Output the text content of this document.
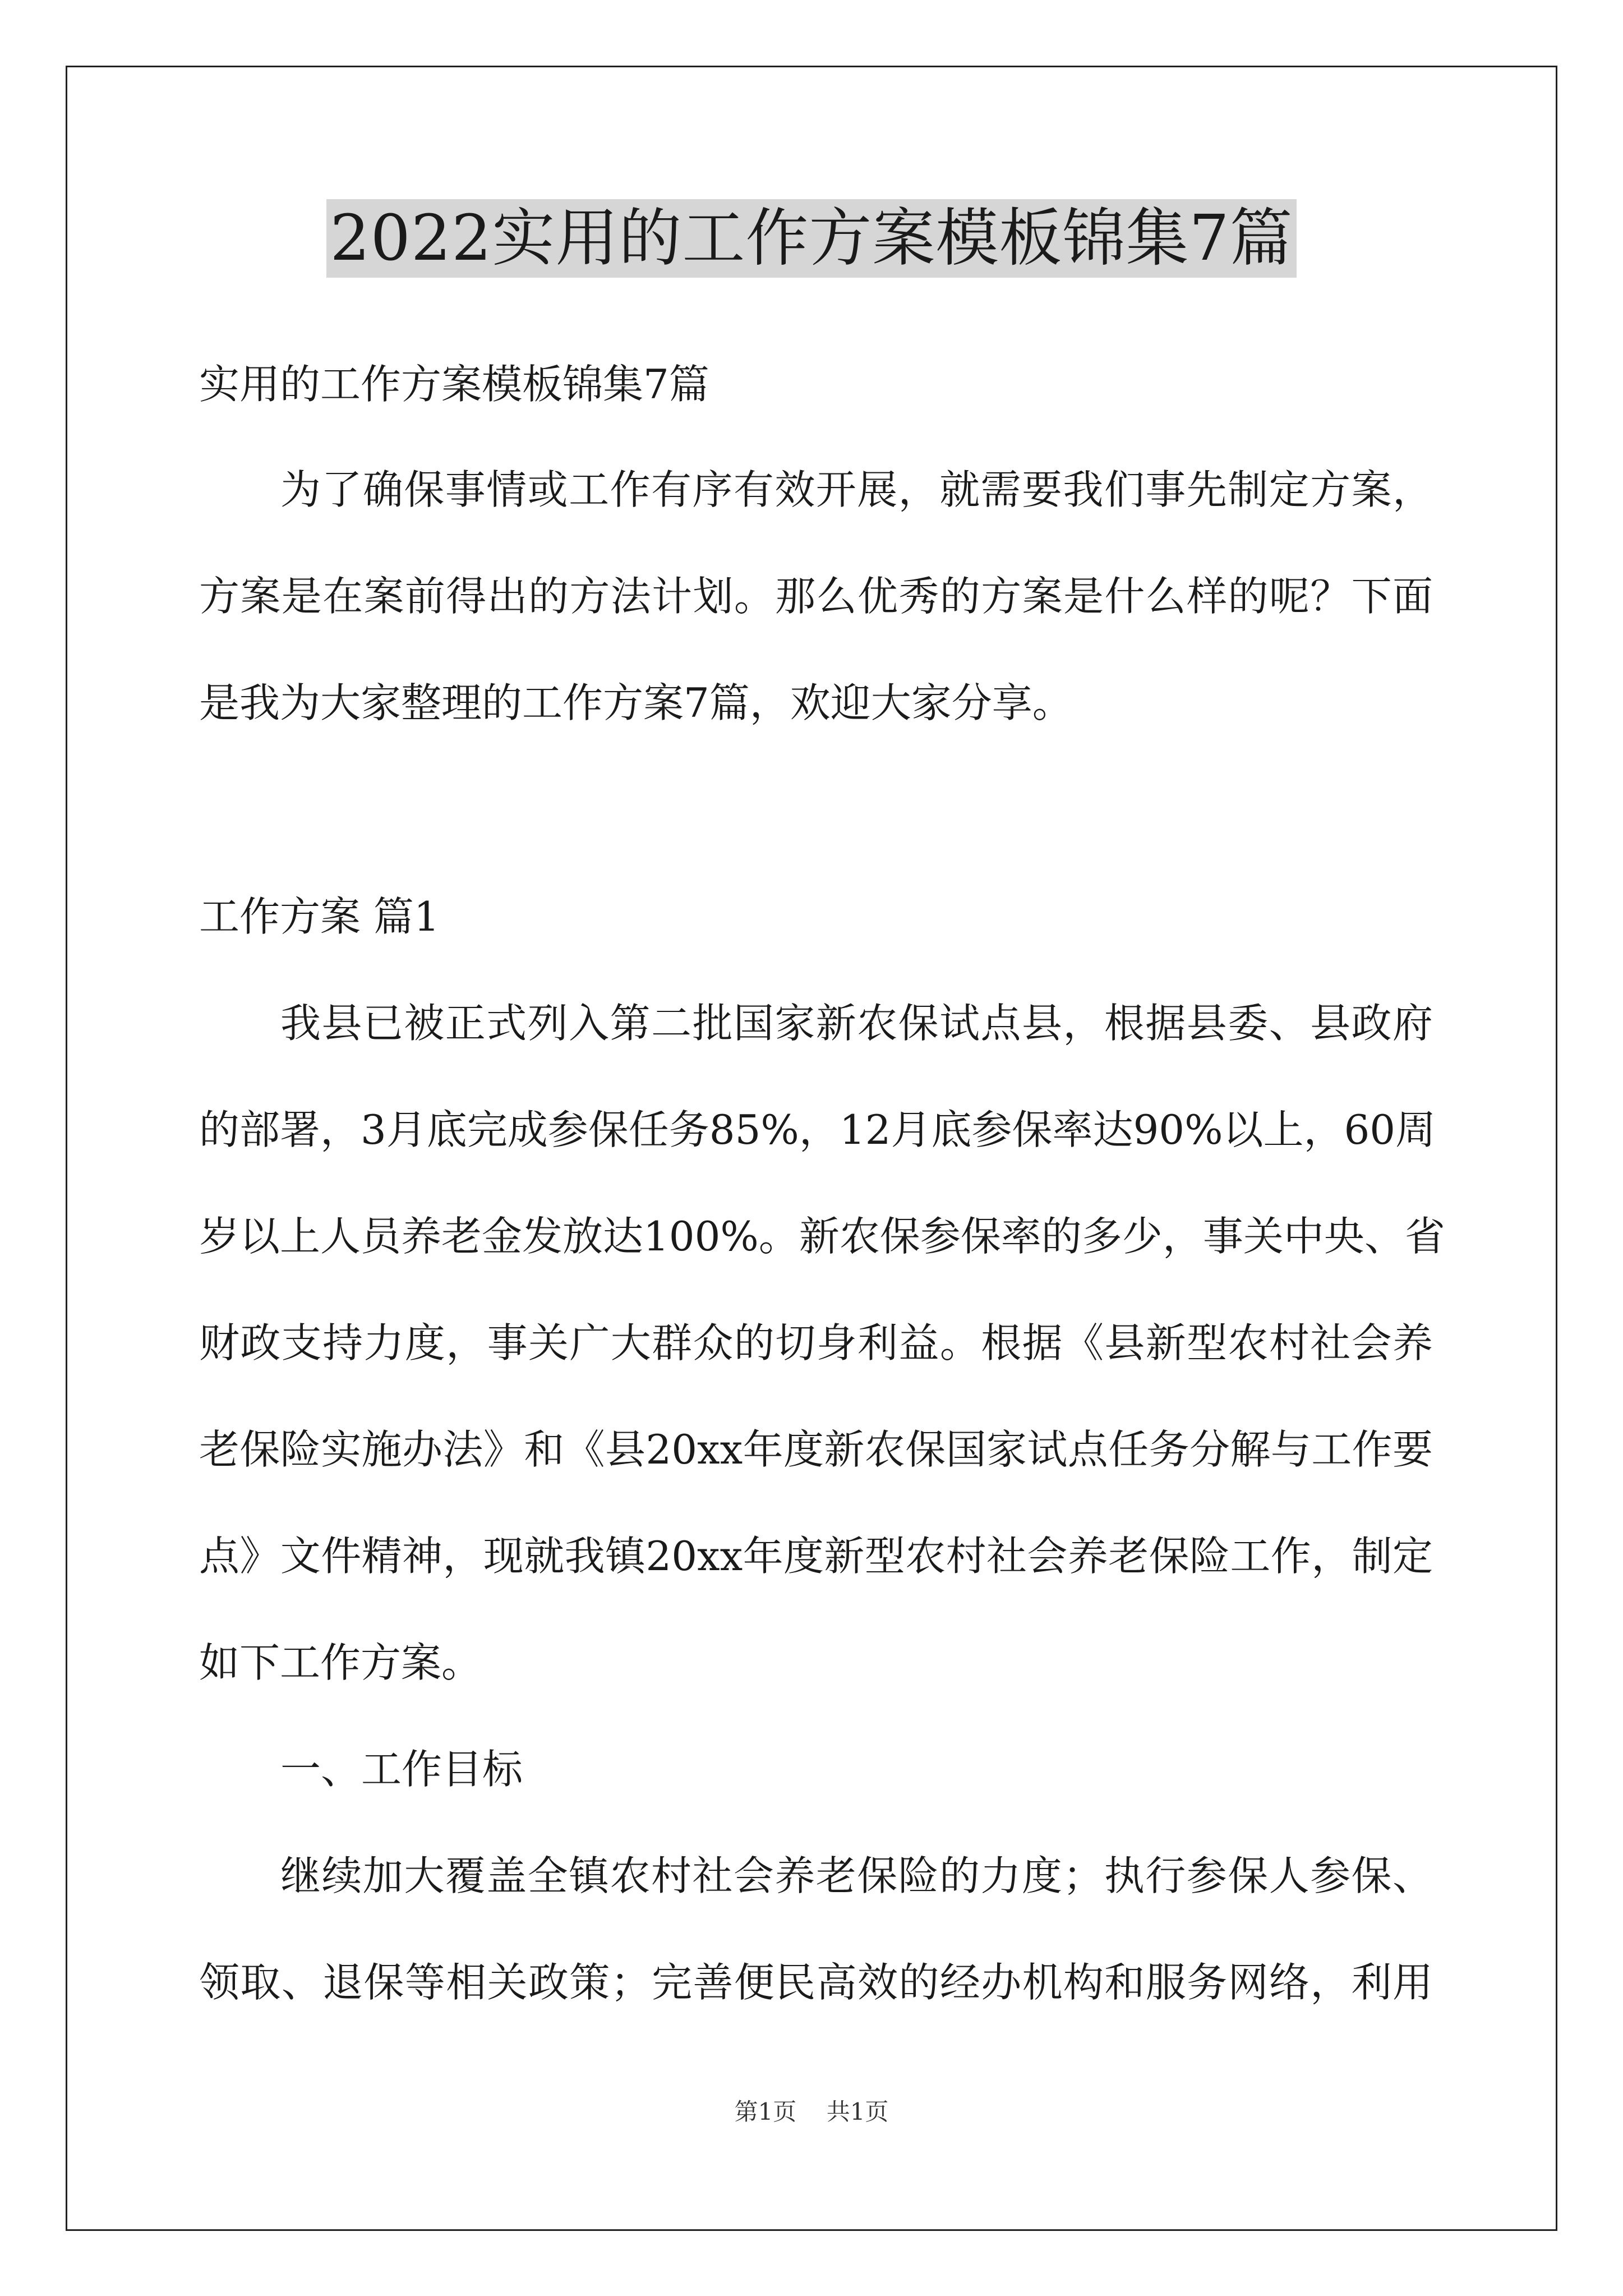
2022实用的工作方案模板锦集7篇
实用的工作方案模板锦集7篇
为了确保事情或工作有序有效开展，就需要我们事先制定方案，
方案是在案前得出的方法计划。那么优秀的方案是什么样的呢？下面
是我为大家整理的工作方案7篇，欢迎大家分享。
工作方案 篇1
我县已被正式列入第二批国家新农保试点县，根据县委、县政府
的部署，3月底完成参保任务85%，12月底参保率达90%以上，60周
岁以上人员养老金发放达100%。新农保参保率的多少，事关中央、省
财政支持力度，事关广大群众的切身利益。根据《县新型农村社会养
老保险实施办法》和《县20xx年度新农保国家试点任务分解与工作要
点》文件精神，现就我镇20xx年度新型农村社会养老保险工作，制定
如下工作方案。
一、工作目标
继续加大覆盖全镇农村社会养老保险的力度；执行参保人参保、
领取、退保等相关政策；完善便民高效的经办机构和服务网络，利用
第1页 共1页
